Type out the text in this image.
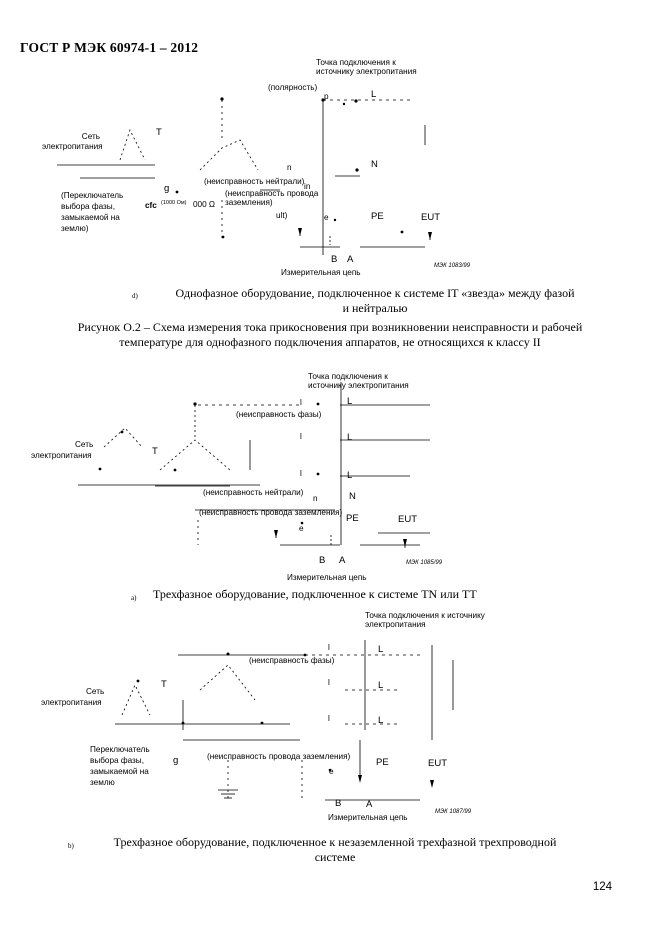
ГОСТ Р МЭК 60974-1 – 2012
Точка подключения к
источнику электропитания
(полярность)
p	L
Сеть
электропитания
T
N
n
(неисправность нейтрали)
in
(Переключатель
выбора фазы,
замыкаемой на
землю)
g
(1000 Ом)
cfc	000 Ω
(неисправность провода
заземления)
ult)	e	PE	EUT
B A
Измерительная цепь
МЭК 1083/99
d)	Однофазное оборудование, подключенное к системе IT «звезда» между фазой
и нейтралью
Рисунок О.2 – Схема измерения тока прикосновения при возникновении неисправности и рабочей
температуре для однофазного подключения аппаратов, не относящихся к классу II
Точка подключения к
источнику электропитания
(неисправность фазы)
l	L
l	L
Сеть
электропитания	T
l	L
(неисправность нейтрали)
n	N
(неисправность провода заземления)
PE
e
EUT
B A	МЭК 1085/99
Измерительная цепь
a) Трехфазное оборудование, подключенное к системе TN или TT
Точка подключения к источнику
электропитания
l	L
(неисправность фазы)
T	l	L
Сеть
электропитания
l	L
Переключатель
выбора фазы,
замыкаемой на
землю
g	(неисправность провода заземления)
PE	EUT
e
B	A
МЭК 1087/99
Измерительная цепь
b)	Трехфазное оборудование, подключенное к незаземленной трехфазной трехпроводной
системе
124
